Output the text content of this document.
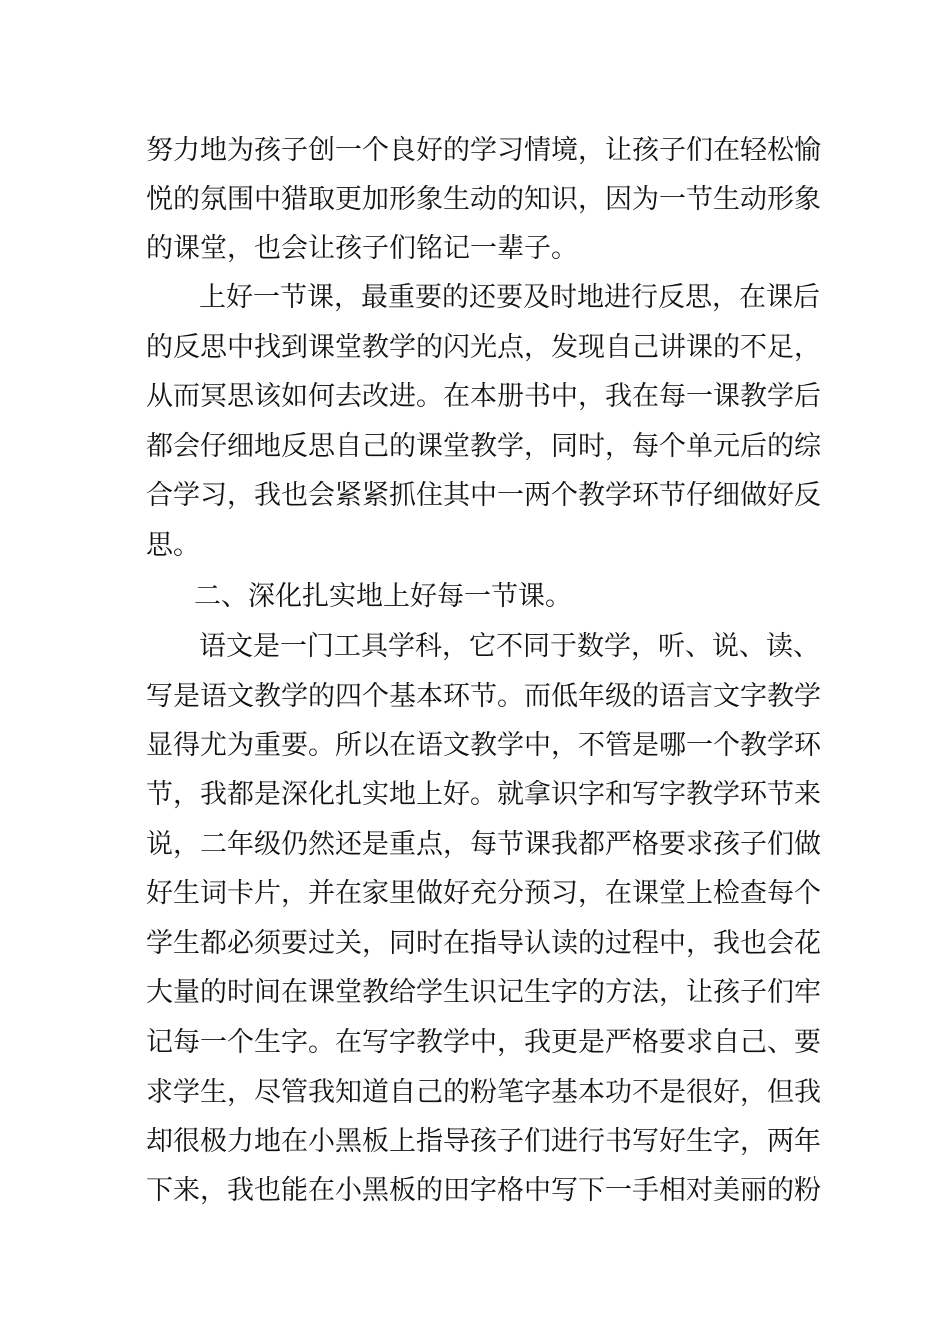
努力地为孩子创一个良好的学习情境，让孩子们在轻松愉
悦的氛围中猎取更加形象生动的知识，因为一节生动形象
的课堂，也会让孩子们铭记一辈子。
上好一节课，最重要的还要及时地进行反思，在课后
的反思中找到课堂教学的闪光点，发现自己讲课的不足，
从而冥思该如何去改进。在本册书中，我在每一课教学后
都会仔细地反思自己的课堂教学，同时，每个单元后的综
合学习，我也会紧紧抓住其中一两个教学环节仔细做好反
思。
二、深化扎实地上好每一节课。
语文是一门工具学科，它不同于数学，听、说、读、
写是语文教学的四个基本环节。而低年级的语言文字教学
显得尤为重要。所以在语文教学中，不管是哪一个教学环
节，我都是深化扎实地上好。就拿识字和写字教学环节来
说，二年级仍然还是重点，每节课我都严格要求孩子们做
好生词卡片，并在家里做好充分预习，在课堂上检查每个
学生都必须要过关，同时在指导认读的过程中，我也会花
大量的时间在课堂教给学生识记生字的方法，让孩子们牢
记每一个生字。在写字教学中，我更是严格要求自己、要
求学生，尽管我知道自己的粉笔字基本功不是很好，但我
却很极力地在小黑板上指导孩子们进行书写好生字，两年
下来，我也能在小黑板的田字格中写下一手相对美丽的粉
